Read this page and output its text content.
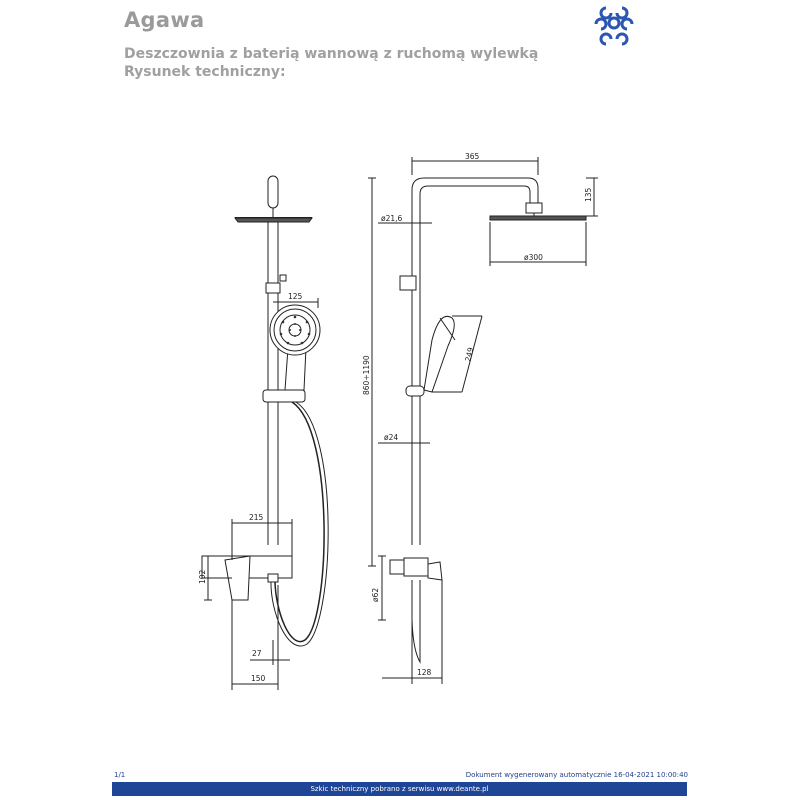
Agawa
Deszczownia z baterią wannową z ruchomą wylewką
Rysunek techniczny:
125
215
102
27
150
365
135
ø21,6
ø300
249
860÷1190
ø24
ø62
128
1/1	Dokument wygenerowany automatycznie 16-04-2021 10:00:40
Szkic techniczny pobrano z serwisu www.deante.pl
